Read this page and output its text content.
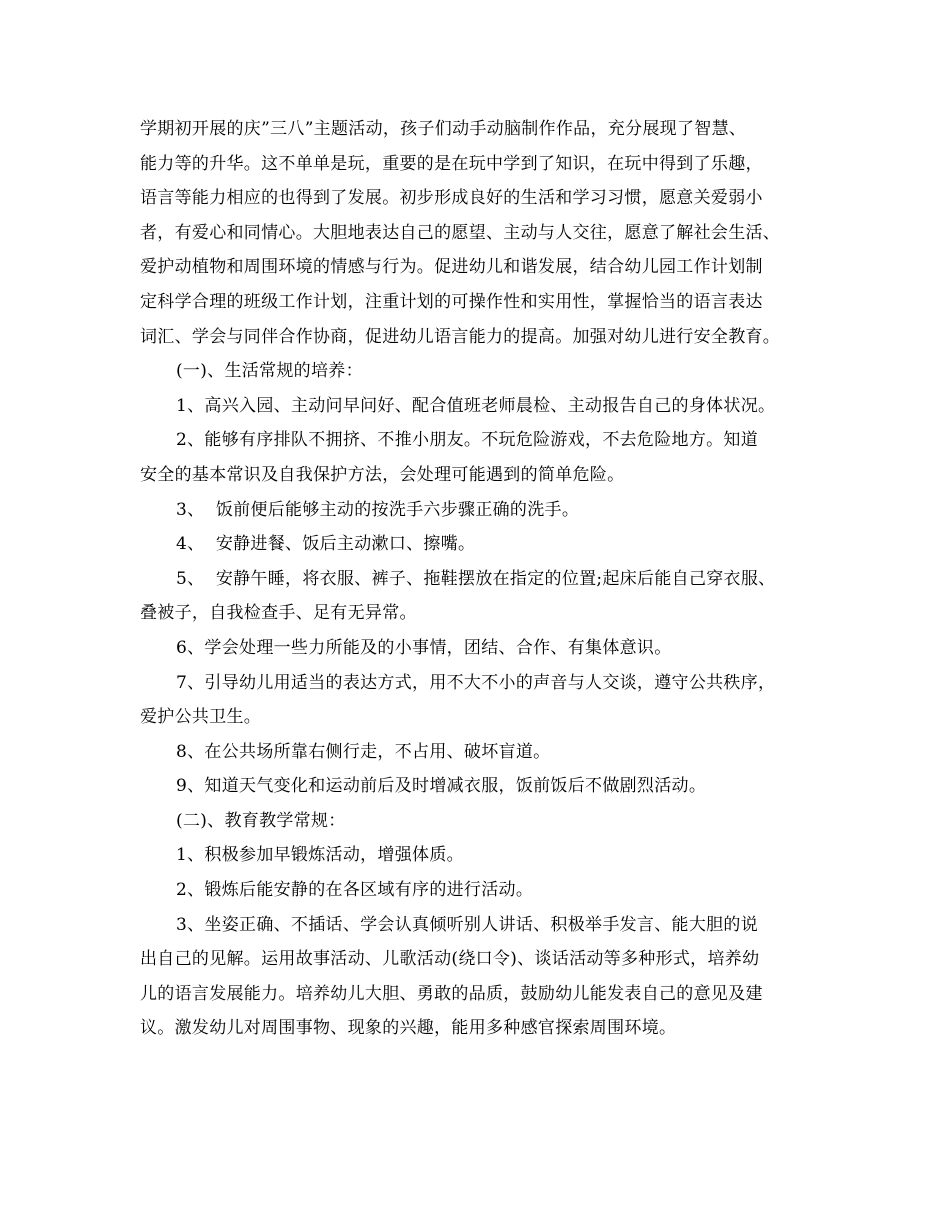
学期初开展的庆”三八”主题活动，孩子们动手动脑制作作品，充分展现了智慧、
能力等的升华。这不单单是玩，重要的是在玩中学到了知识，在玩中得到了乐趣，
语言等能力相应的也得到了发展。初步形成良好的生活和学习习惯，愿意关爱弱小
者，有爱心和同情心。大胆地表达自己的愿望、主动与人交往，愿意了解社会生活、
爱护动植物和周围环境的情感与行为。促进幼儿和谐发展，结合幼儿园工作计划制
定科学合理的班级工作计划，注重计划的可操作性和实用性，掌握恰当的语言表达
词汇、学会与同伴合作协商，促进幼儿语言能力的提高。加强对幼儿进行安全教育。
(一)、生活常规的培养：
1、高兴入园、主动问早问好、配合值班老师晨检、主动报告自己的身体状况。
2、能够有序排队不拥挤、不推小朋友。不玩危险游戏，不去危险地方。知道
安全的基本常识及自我保护方法，会处理可能遇到的简单危险。
3、  饭前便后能够主动的按洗手六步骤正确的洗手。
4、  安静进餐、饭后主动漱口、擦嘴。
5、  安静午睡，将衣服、裤子、拖鞋摆放在指定的位置;起床后能自己穿衣服、
叠被子，自我检查手、足有无异常。
6、学会处理一些力所能及的小事情，团结、合作、有集体意识。
7、引导幼儿用适当的表达方式，用不大不小的声音与人交谈，遵守公共秩序，
爱护公共卫生。
8、在公共场所靠右侧行走，不占用、破坏盲道。
9、知道天气变化和运动前后及时增减衣服，饭前饭后不做剧烈活动。
(二)、教育教学常规：
1、积极参加早锻炼活动，增强体质。
2、锻炼后能安静的在各区域有序的进行活动。
3、坐姿正确、不插话、学会认真倾听别人讲话、积极举手发言、能大胆的说
出自己的见解。运用故事活动、儿歌活动(绕口令)、谈话活动等多种形式，培养幼
儿的语言发展能力。培养幼儿大胆、勇敢的品质，鼓励幼儿能发表自己的意见及建
议。激发幼儿对周围事物、现象的兴趣，能用多种感官探索周围环境。
